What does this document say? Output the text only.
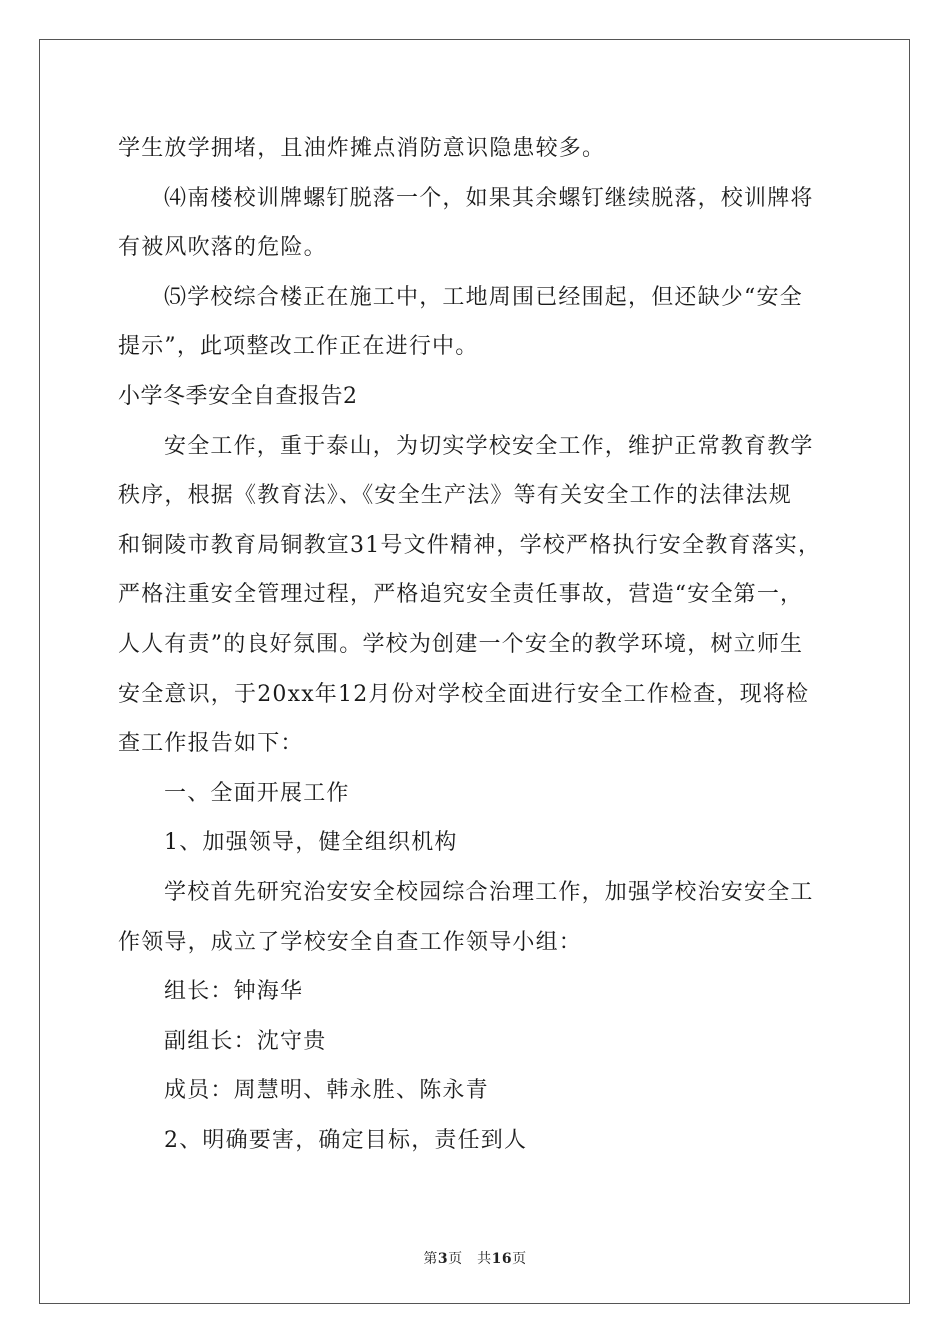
学生放学拥堵，且油炸摊点消防意识隐患较多。
⑷南楼校训牌螺钉脱落一个，如果其余螺钉继续脱落，校训牌将
有被风吹落的危险。
⑸学校综合楼正在施工中，工地周围已经围起，但还缺少“安全
提示”，此项整改工作正在进行中。
小学冬季安全自查报告2
安全工作，重于泰山，为切实学校安全工作，维护正常教育教学
秩序，根据《教育法》、《安全生产法》等有关安全工作的法律法规
和铜陵市教育局铜教宣31号文件精神，学校严格执行安全教育落实，
严格注重安全管理过程，严格追究安全责任事故，营造“安全第一，
人人有责”的良好氛围。学校为创建一个安全的教学环境，树立师生
安全意识，于20xx年12月份对学校全面进行安全工作检查，现将检
查工作报告如下：
一、全面开展工作
1、加强领导，健全组织机构
学校首先研究治安安全校园综合治理工作，加强学校治安安全工
作领导，成立了学校安全自查工作领导小组：
组长：钟海华
副组长：沈守贵
成员：周慧明、韩永胜、陈永青
2、明确要害，确定目标，责任到人
第3页　共16页
